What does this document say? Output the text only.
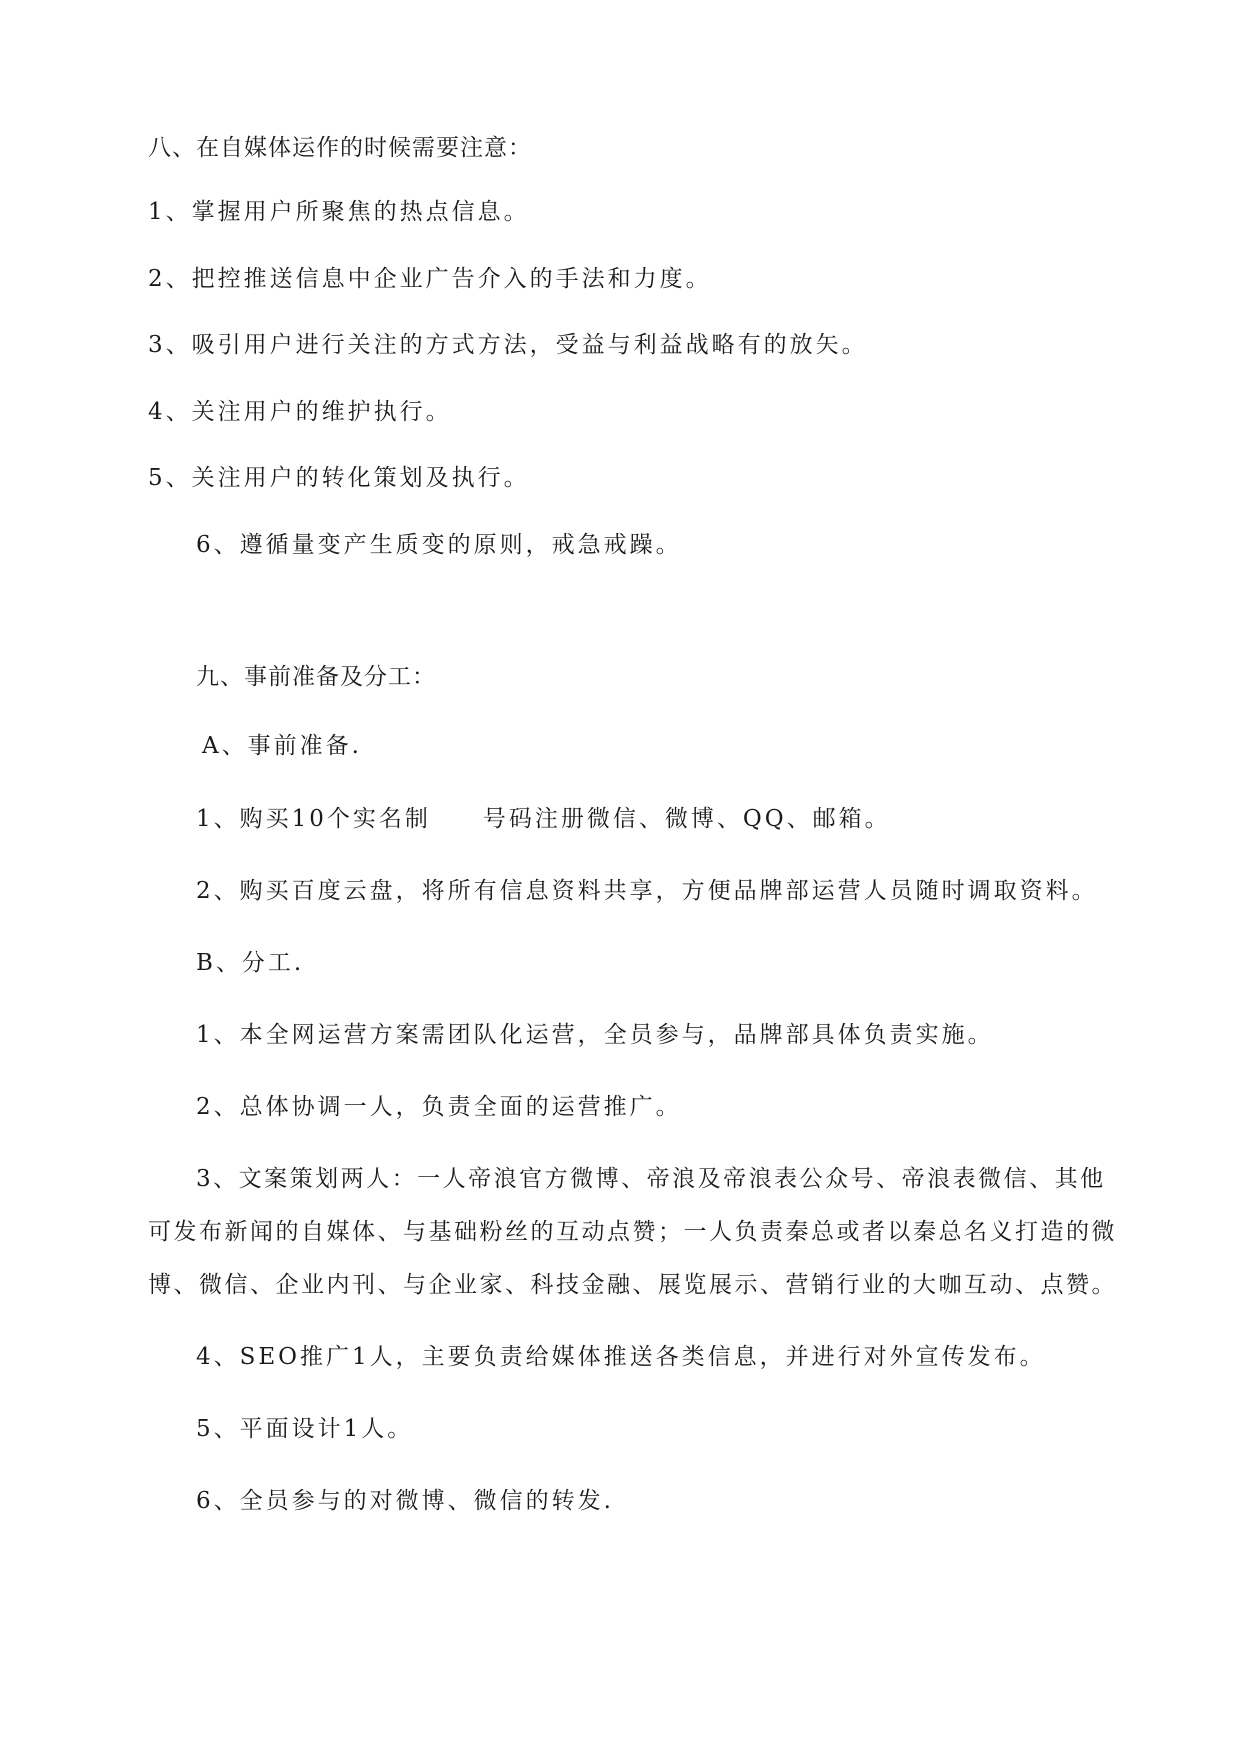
八、在自媒体运作的时候需要注意：
1、掌握用户所聚焦的热点信息。
2、把控推送信息中企业广告介入的手法和力度。
3、吸引用户进行关注的方式方法，受益与利益战略有的放矢。
4、关注用户的维护执行。
5、关注用户的转化策划及执行。
6、遵循量变产生质变的原则，戒急戒躁。
九、事前准备及分工：
A、事前准备.
1、购买10个实名制　　号码注册微信、微博、QQ、邮箱。
2、购买百度云盘，将所有信息资料共享，方便品牌部运营人员随时调取资料。
B、分工.
1、本全网运营方案需团队化运营，全员参与，品牌部具体负责实施。
2、总体协调一人，负责全面的运营推广。
3、文案策划两人：一人帝浪官方微博、帝浪及帝浪表公众号、帝浪表微信、其他
可发布新闻的自媒体、与基础粉丝的互动点赞；一人负责秦总或者以秦总名义打造的微
博、微信、企业内刊、与企业家、科技金融、展览展示、营销行业的大咖互动、点赞。
4、SEO推广1人，主要负责给媒体推送各类信息，并进行对外宣传发布。
5、平面设计1人。
6、全员参与的对微博、微信的转发.
